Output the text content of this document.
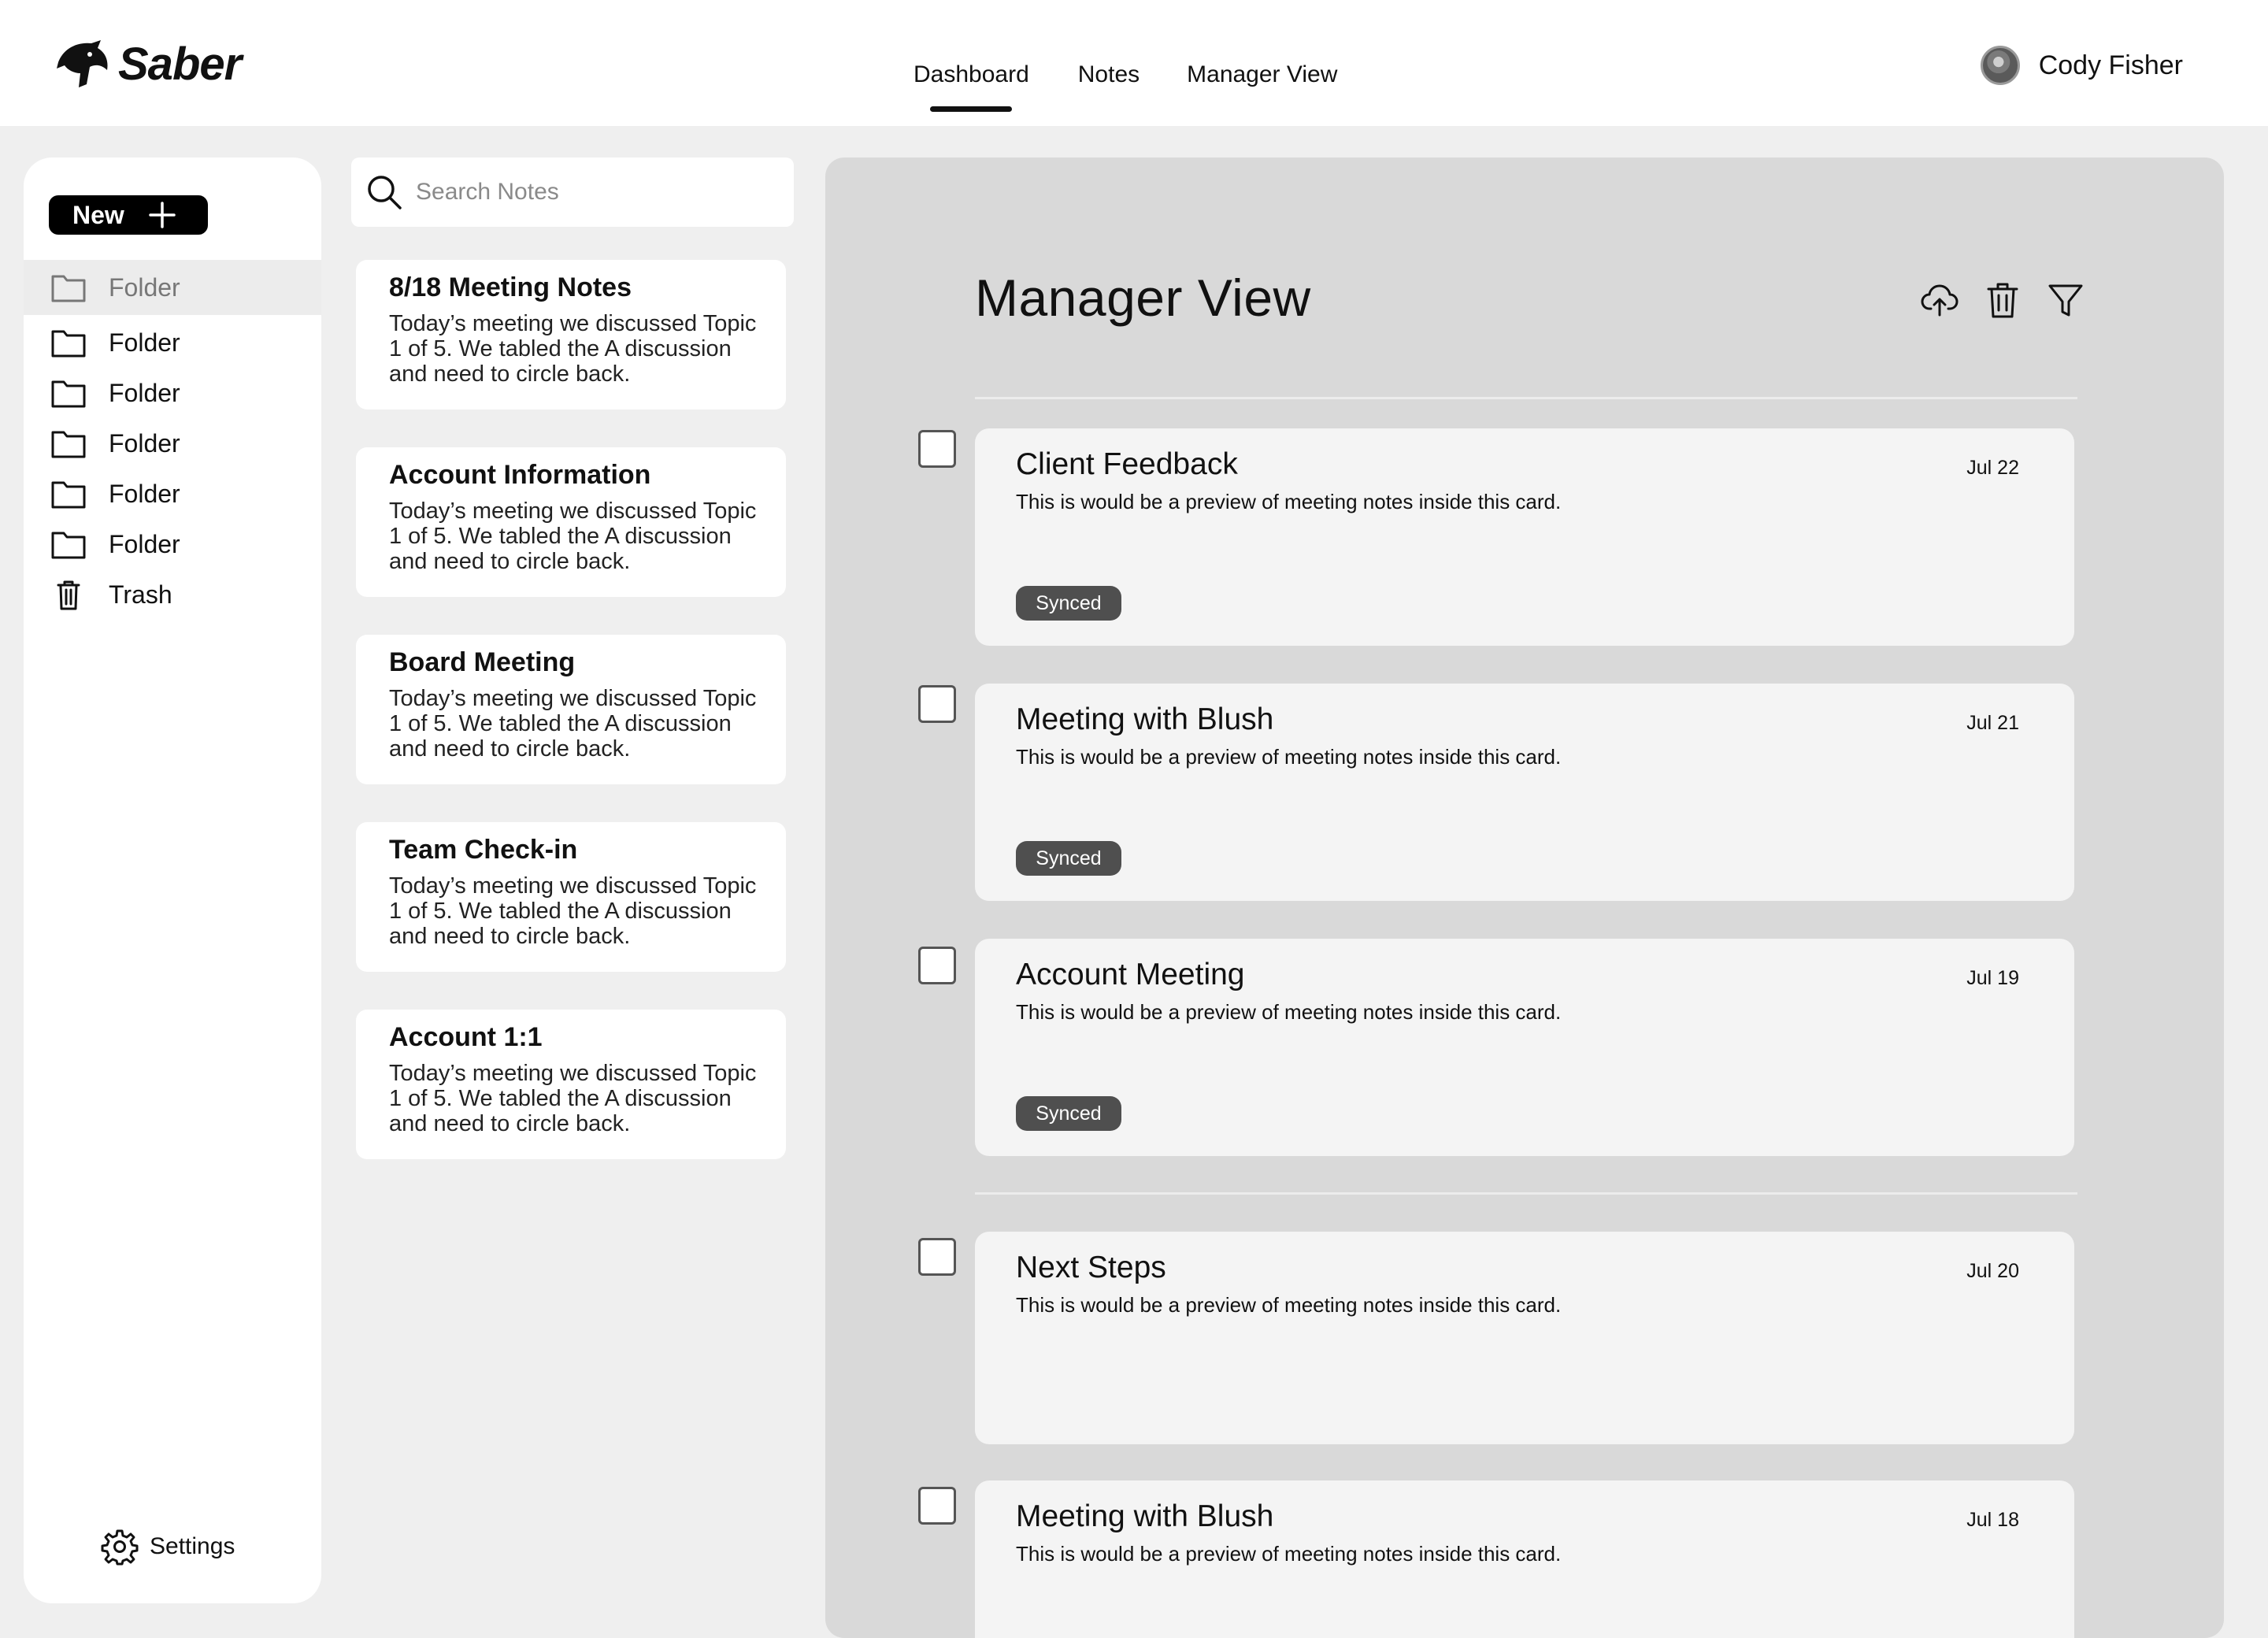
Saber	Dashboard Notes Manager View	Cody Fisher
New
Folder
Folder
Folder
Folder
Folder
Folder
Trash
Settings
Search Notes
8/18 Meeting Notes
Today’s meeting we discussed Topic 1 of 5. We tabled the A discussion and need to circle back.
Account Information
Today’s meeting we discussed Topic 1 of 5. We tabled the A discussion and need to circle back.
Board Meeting
Today’s meeting we discussed Topic 1 of 5. We tabled the A discussion and need to circle back.
Team Check-in
Today’s meeting we discussed Topic 1 of 5. We tabled the A discussion and need to circle back.
Account 1:1
Today’s meeting we discussed Topic 1 of 5. We tabled the A discussion and need to circle back.
Manager View
Client Feedback
This is would be a preview of meeting notes inside this card.
Jul 22
Synced
Meeting with Blush
This is would be a preview of meeting notes inside this card.
Jul 21
Synced
Account Meeting
This is would be a preview of meeting notes inside this card.
Jul 19
Synced
Next Steps
This is would be a preview of meeting notes inside this card.
Jul 20
Meeting with Blush
This is would be a preview of meeting notes inside this card.
Jul 18
